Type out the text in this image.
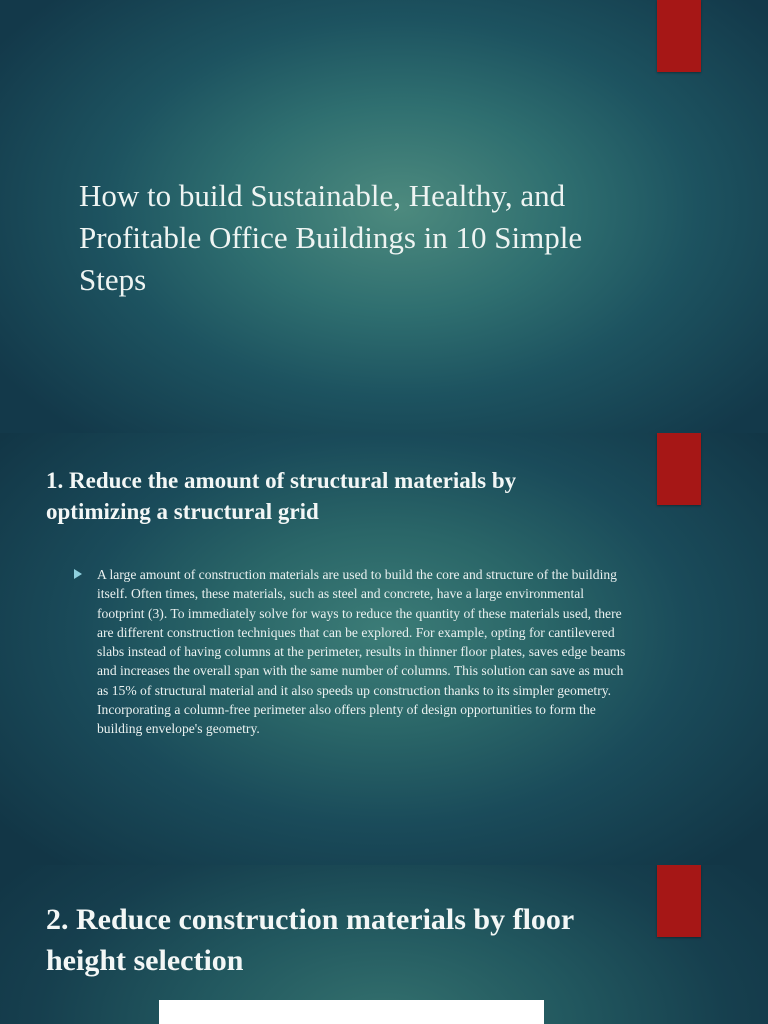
How to build Sustainable, Healthy, and Profitable Office Buildings in 10 Simple Steps
1. Reduce the amount of structural materials by optimizing a structural grid

A large amount of construction materials are used to build the core and structure of the building itself. Often times, these materials, such as steel and concrete, have a large environmental footprint (3). To immediately solve for ways to reduce the quantity of these materials used, there are different construction techniques that can be explored. For example, opting for cantilevered slabs instead of having columns at the perimeter, results in thinner floor plates, saves edge beams and increases the overall span with the same number of columns. This solution can save as much as 15% of structural material and it also speeds up construction thanks to its simpler geometry. Incorporating a column-free perimeter also offers plenty of design opportunities to form the building envelope's geometry.

2. Reduce construction materials by floor height selection
